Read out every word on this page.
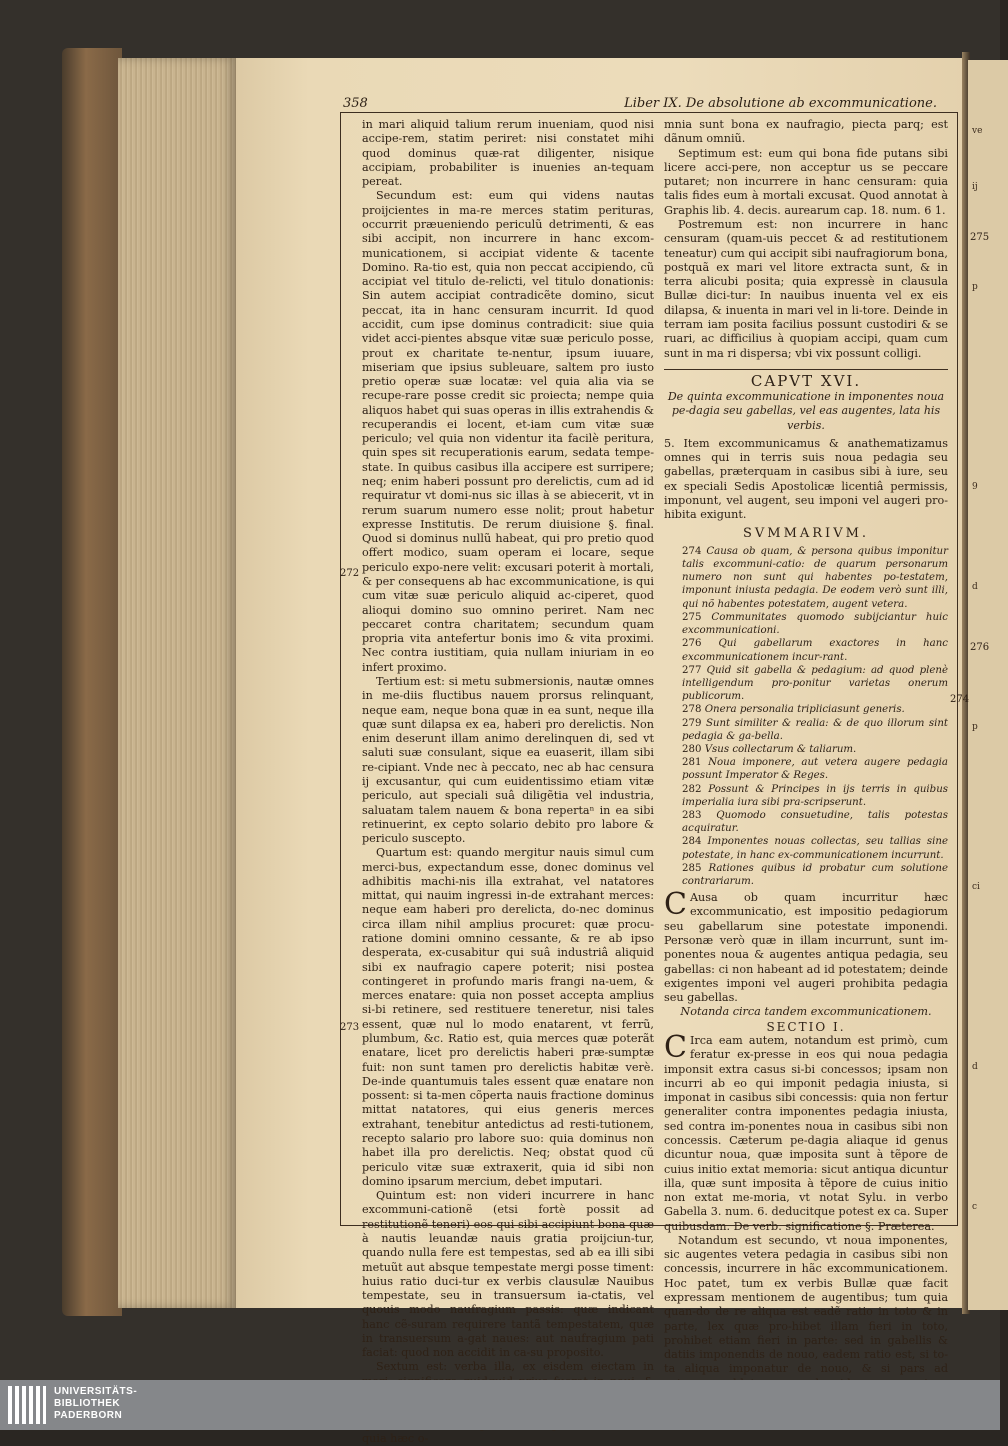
ve
ij
p
9
d
p
ci
d
c
358	Liber IX. De absolutione ab excommunicatione.

in mari aliquid talium rerum inueniam, quod nisi accipe-rem, statim periret: nisi constatet mihi quod dominus quæ-rat diligenter, nisique accipiam, probabiliter is inuenies an-tequam pereat.

Secundum est: eum qui videns nautas proijcientes in ma-re merces statim perituras, occurrit præueniendo periculũ detrimenti, & eas sibi accipit, non incurrere in hanc excom-municationem, si accipiat vidente & tacente Domino. Ra-tio est, quia non peccat accipiendo, cũ accipiat vel titulo de-relicti, vel titulo donationis: Sin autem accipiat contradicẽte domino, sicut peccat, ita in hanc censuram incurrit. Id quod accidit, cum ipse dominus contradicit: siue quia videt acci-pientes absque vitæ suæ periculo posse, prout ex charitate te-nentur, ipsum iuuare, miseriam que ipsius subleuare, saltem pro iusto pretio operæ suæ locatæ: vel quia alia via se recupe-rare posse credit sic proiecta; nempe quia aliquos habet qui suas operas in illis extrahendis & recuperandis ei locent, et-iam cum vitæ suæ periculo; vel quia non videntur ita facilè peritura, quin spes sit recuperationis earum, sedata tempe-state. In quibus casibus illa accipere est surripere; neq; enim haberi possunt pro derelictis, cum ad id requiratur vt domi-nus sic illas à se abiecerit, vt in rerum suarum numero esse nolit; prout habetur expresse Institutis. De rerum diuisione §. final. Quod si dominus nullũ habeat, qui pro pretio quod offert modico, suam operam ei locare, seque periculo expo-nere velit: excusari poterit à mortali, & per consequens ab hac excommunicatione, is qui cum vitæ suæ periculo aliquid ac-ciperet, quod alioqui domino suo omnino periret. Nam nec peccaret contra charitatem; secundum quam propria vita antefertur bonis imo & vita proximi. Nec contra iustitiam, quia nullam iniuriam in eo infert proximo.

Tertium est: si metu submersionis, nautæ omnes in me-diis fluctibus nauem prorsus relinquant, neque eam, neque bona quæ in ea sunt, neque illa quæ sunt dilapsa ex ea, haberi pro derelictis. Non enim deserunt illam animo derelinquen di, sed vt saluti suæ consulant, sique ea euaserit, illam sibi re-cipiant. Vnde nec à peccato, nec ab hac censura ij excusantur, qui cum euidentissimo etiam vitæ periculo, aut speciali suâ diligẽtia vel industria, saluatam talem nauem & bona repertaⁿ in ea sibi retinuerint, ex cepto solario debito pro labore & periculo suscepto.

Quartum est: quando mergitur nauis simul cum merci-bus, expectandum esse, donec dominus vel adhibitis machi-nis illa extrahat, vel natatores mittat, qui nauim ingressi in-de extrahant merces: neque eam haberi pro derelicta, do-nec dominus circa illam nihil amplius procuret: quæ procu-ratione domini omnino cessante, & re ab ipso desperata, ex-cusabitur qui suâ industriâ aliquid sibi ex naufragio capere poterit; nisi postea contingeret in profundo maris frangi na-uem, & merces enatare: quia non posset accepta amplius si-bi retinere, sed restituere teneretur, nisi tales essent, quæ nul lo modo enatarent, vt ferrũ, plumbum, &c. Ratio est, quia merces quæ poterãt enatare, licet pro derelictis haberi præ-sumptæ fuit: non sunt tamen pro derelictis habitæ verè. De-inde quantumuis tales essent quæ enatare non possent: si ta-men cõperta nauis fractione dominus mittat natatores, qui eius generis merces extrahant, tenebitur antedictus ad resti-tutionem, recepto salario pro labore suo: quia dominus non habet illa pro derelictis. Neq; obstat quod cũ periculo vitæ suæ extraxerit, quia id sibi non domino ipsarum mercium, debet imputari.

Quintum est: non videri incurrere in hanc excommuni-cationẽ (etsi fortè possit ad restitutionẽ teneri) eos qui sibi accipiunt bona quæ à nautis leuandæ nauis gratia proijciun-tur, quando nulla fere est tempestas, sed ab ea illi sibi metuũt aut absque tempestate mergi posse timent: huius ratio duci-tur ex verbis clausulæ Nauibus tempestate, seu in transuersum ia-ctatis, vel quouis modo naufragium passis: quæ indicant hanc cẽ-suram requirere tantã tempestatem, quæ in transuersum a-gat naues: aut naufragium pati faciat: quod non accidit in ca-su proposito.

Sextum est: verba illa, ex eisdem eiectam in quia hæc o-

272
273
274

mnia sunt bona ex naufragio, piecta parq; est dãnum omniũ.

Septimum est: eum qui bona fide putans sibi licere acci-pere, non acceptur us se peccare putaret; non incurrere in hanc censuram: quia talis fides eum à mortali excusat. Quod annotat à Graphis lib. 4. decis. aurearum cap. 18. num. 6 1.

Postremum est: non incurrere in hanc censuram (quam-uis peccet & ad restitutionem teneatur) cum qui accipit sibi naufragiorum bona, postquã ex mari vel litore extracta sunt, & in terra alicubi posita; quia expressè in clausula Bullæ dici-tur: In nauibus inuenta vel ex eis dilapsa, & inuenta in mari vel in li-tore. Deinde in terram iam posita facilius possunt custodiri & se ruari, ac difficilius à quopiam accipi, quam cum sunt in ma ri dispersa; vbi vix possunt colligi.

CAPVT XVI.
De quinta excommunicatione in imponentes noua pe-dagia seu gabellas, vel eas augentes, lata his verbis.

5. Item excommunicamus & anathematizamus omnes qui in terris suis noua pedagia seu gabellas, præterquam in casibus sibi à iure, seu ex speciali Sedis Apostolicæ licentiâ permissis, imponunt, vel augent, seu imponi vel augeri pro-hibita exigunt.

SVMMARIVM.

274 Causa ob quam, & persona quibus imponitur talis excommuni-catio: de quarum personarum numero non sunt qui habentes po-testatem, imponunt iniusta pedagia. De eodem verò sunt illi, qui nõ habentes potestatem, augent vetera.

275 Communitates quomodo subijciantur huic excommunicationi.

276 Qui gabellarum exactores in hanc excommunicationem incur-rant.

277 Quid sit gabella & pedagium: ad quod plenè intelligendum pro-ponitur varietas onerum publicorum.

278 Onera personalia tripliciasunt generis.

279 Sunt similiter & realia: & de quo illorum sint pedagia & ga-bella.

280 Vsus collectarum & taliarum.

281 Noua imponere, aut vetera augere pedagia possunt Imperator & Reges.

282 Possunt & Principes in ijs terris in quibus imperialia iura sibi pra-scripserunt.

283 Quomodo consuetudine, talis potestas acquiratur.

284 Imponentes nouas collectas, seu tallias sine potestate, in hanc ex-communicationem incurrunt.

285 Rationes quibus id probatur cum solutione contrariarum.

C Ausa ob quam incurritur hæc excommunicatio, est impositio pedagiorum seu gabellarum sine potestate imponendi. Personæ verò quæ in illam incurrunt, sunt im-ponentes noua & augentes antiqua pedagia, seu gabellas: ci non habeant ad id potestatem; deinde exigentes imponi vel augeri prohibita pedagia seu gabellas.

Notanda circa tandem excommunicationem.
SECTIO I.

C Irca eam autem, notandum est primò, cum feratur ex-presse in eos qui noua pedagia imponsit extra casus si-bi concessos; ipsam non incurri ab eo qui imponit pedagia iniusta, si imponat in casibus sibi concessis: quia non fertur generaliter contra imponentes pedagia iniusta, sed contra im-ponentes noua in casibus sibi non concessis. Cæterum pe-dagia aliaque id genus dicuntur noua, quæ imposita sunt à tẽpore de cuius initio extat memoria: sicut antiqua dicuntur illa, quæ sunt imposita à tẽpore de cuius initio non extat me-moria, vt notat Sylu. in verbo Gabella 3. num. 6. deducitque potest ex ca. Super quibusdam. De verb. significatione §. Præterea.

Notandum est secundo, vt noua imponentes, sic augentes vetera pedagia in casibus sibi non concessis, incurrere in hãc excommunicationem. Hoc patet, tum ex verbis Bullæ quæ facit expressam mentionem de augentibus; tum quia quan-do de re aliqua est eadẽ ratio in toto & in parte, lex quæ pro-hibet illam fieri in toto, prohibet etiam fieri in parte: sed in gabellis & datiis imponendis de nouo, eadem ratio est, si to-ta aliqua imponatur de nouo, & si pars ad

275
276
UNIVERSITÄTS-
BIBLIOTHEK
PADERBORN
